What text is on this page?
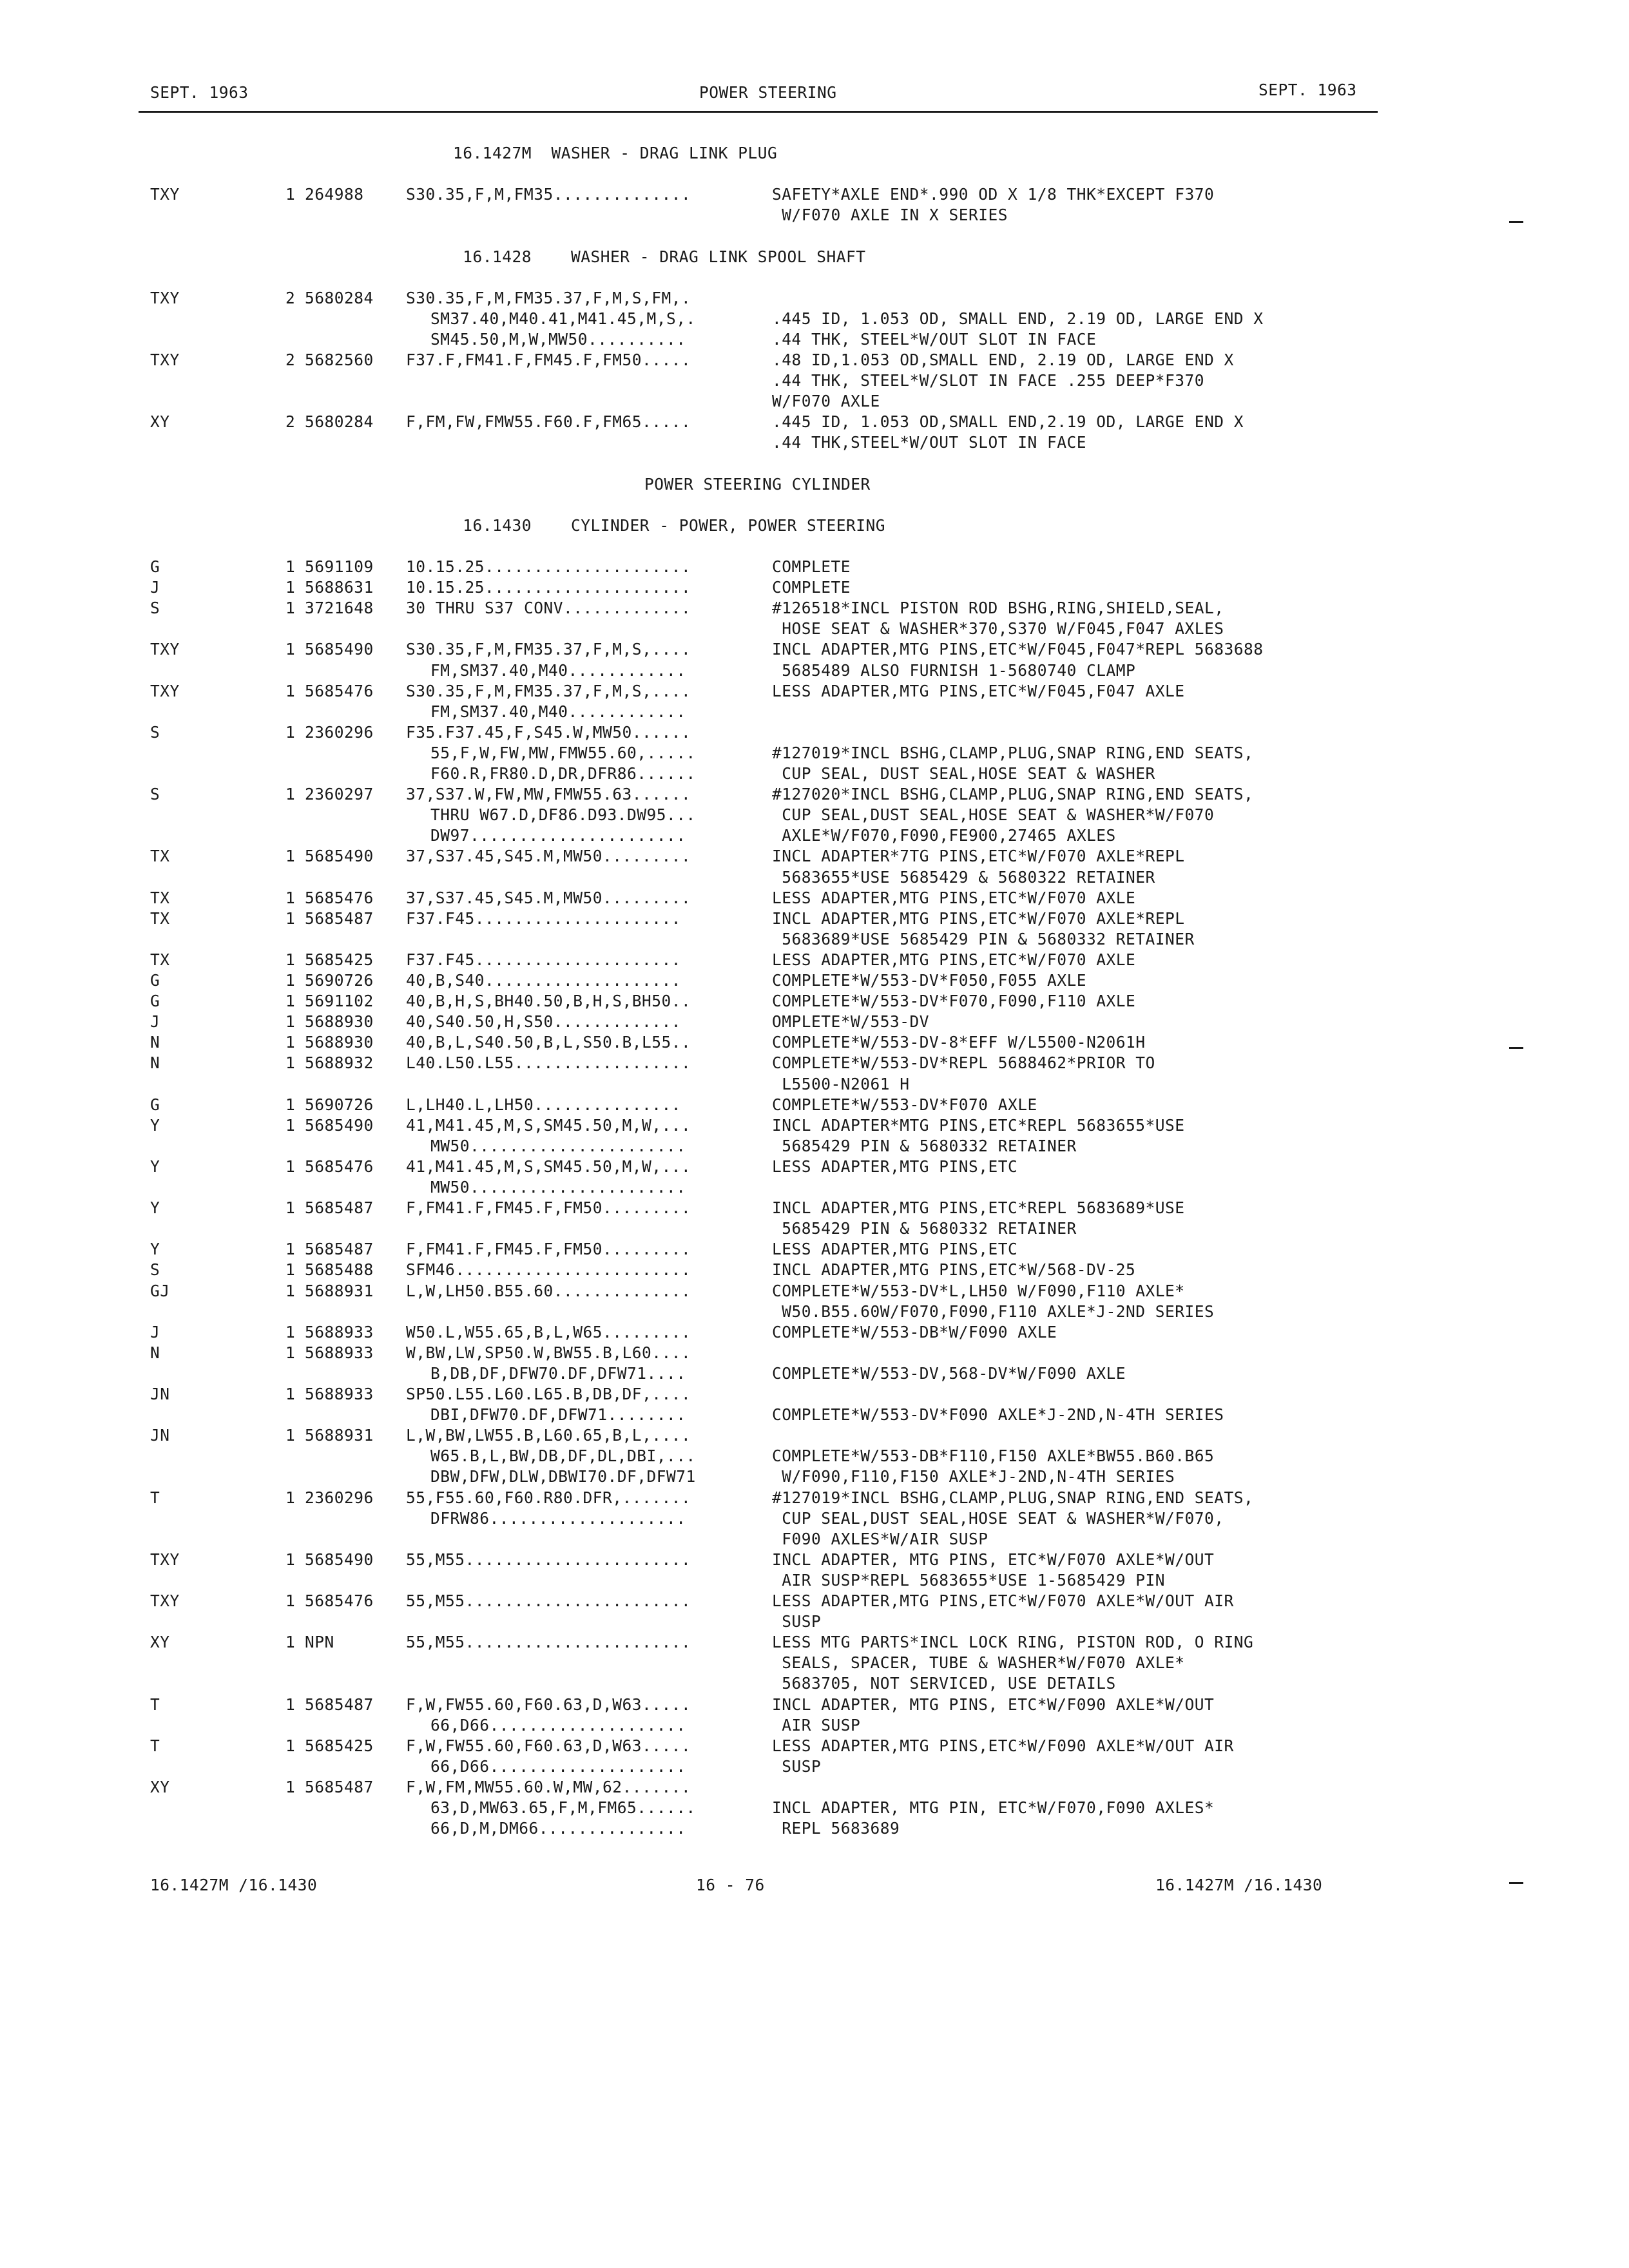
SEPT. 1963	POWER STEERING	SEPT. 1963
16.1427M  WASHER - DRAG LINK PLUG
TXY	1 264988	S30.35,F,M,FM35..............	SAFETY*AXLE END*.990 OD X 1/8 THK*EXCEPT F370
W/F070 AXLE IN X SERIES
16.1428    WASHER - DRAG LINK SPOOL SHAFT
TXY	2 5680284 S30.35,F,M,FM35.37,F,M,S,FM,.
SM37.40,M40.41,M41.45,M,S,.	.445 ID, 1.053 OD, SMALL END, 2.19 OD, LARGE END X
SM45.50,M,W,MW50..........	.44 THK, STEEL*W/OUT SLOT IN FACE
TXY	2 5682560 F37.F,FM41.F,FM45.F,FM50.....	.48 ID,1.053 OD,SMALL END, 2.19 OD, LARGE END X
.44 THK, STEEL*W/SLOT IN FACE .255 DEEP*F370
W/F070 AXLE
XY	2 5680284 F,FM,FW,FMW55.F60.F,FM65.....	.445 ID, 1.053 OD,SMALL END,2.19 OD, LARGE END X
.44 THK,STEEL*W/OUT SLOT IN FACE
POWER STEERING CYLINDER
16.1430    CYLINDER - POWER, POWER STEERING
G	1 5691109 10.15.25.....................	COMPLETE
J	1 5688631 10.15.25.....................	COMPLETE
S	1 3721648 30 THRU S37 CONV.............	#126518*INCL PISTON ROD BSHG,RING,SHIELD,SEAL,
HOSE SEAT & WASHER*370,S370 W/F045,F047 AXLES
TXY	1 5685490 S30.35,F,M,FM35.37,F,M,S,....	INCL ADAPTER,MTG PINS,ETC*W/F045,F047*REPL 5683688
FM,SM37.40,M40............	5685489 ALSO FURNISH 1-5680740 CLAMP
TXY	1 5685476 S30.35,F,M,FM35.37,F,M,S,....	LESS ADAPTER,MTG PINS,ETC*W/F045,F047 AXLE
FM,SM37.40,M40............
S	1 2360296 F35.F37.45,F,S45.W,MW50......
55,F,W,FW,MW,FMW55.60,.....	#127019*INCL BSHG,CLAMP,PLUG,SNAP RING,END SEATS,
F60.R,FR80.D,DR,DFR86......	CUP SEAL, DUST SEAL,HOSE SEAT & WASHER
S	1 2360297 37,S37.W,FW,MW,FMW55.63......	#127020*INCL BSHG,CLAMP,PLUG,SNAP RING,END SEATS,
THRU W67.D,DF86.D93.DW95...	CUP SEAL,DUST SEAL,HOSE SEAT & WASHER*W/F070
DW97......................	AXLE*W/F070,F090,FE900,27465 AXLES
TX	1 5685490 37,S37.45,S45.M,MW50.........	INCL ADAPTER*7TG PINS,ETC*W/F070 AXLE*REPL
5683655*USE 5685429 & 5680322 RETAINER
TX	1 5685476 37,S37.45,S45.M,MW50.........	LESS ADAPTER,MTG PINS,ETC*W/F070 AXLE
TX	1 5685487 F37.F45.....................	INCL ADAPTER,MTG PINS,ETC*W/F070 AXLE*REPL
5683689*USE 5685429 PIN & 5680332 RETAINER
TX	1 5685425 F37.F45.....................	LESS ADAPTER,MTG PINS,ETC*W/F070 AXLE
G	1 5690726 40,B,S40....................	COMPLETE*W/553-DV*F050,F055 AXLE
G	1 5691102 40,B,H,S,BH40.50,B,H,S,BH50..	COMPLETE*W/553-DV*F070,F090,F110 AXLE
J	1 5688930 40,S40.50,H,S50.............	OMPLETE*W/553-DV
N	1 5688930 40,B,L,S40.50,B,L,S50.B,L55..	COMPLETE*W/553-DV-8*EFF W/L5500-N2061H
N	1 5688932 L40.L50.L55..................	COMPLETE*W/553-DV*REPL 5688462*PRIOR TO
L5500-N2061 H
G	1 5690726 L,LH40.L,LH50...............	COMPLETE*W/553-DV*F070 AXLE
Y	1 5685490 41,M41.45,M,S,SM45.50,M,W,...	INCL ADAPTER*MTG PINS,ETC*REPL 5683655*USE
MW50......................	5685429 PIN & 5680332 RETAINER
Y	1 5685476 41,M41.45,M,S,SM45.50,M,W,...	LESS ADAPTER,MTG PINS,ETC
MW50......................
Y	1 5685487 F,FM41.F,FM45.F,FM50.........	INCL ADAPTER,MTG PINS,ETC*REPL 5683689*USE
5685429 PIN & 5680332 RETAINER
Y	1 5685487 F,FM41.F,FM45.F,FM50.........	LESS ADAPTER,MTG PINS,ETC
S	1 5685488 SFM46........................	INCL ADAPTER,MTG PINS,ETC*W/568-DV-25
GJ	1 5688931 L,W,LH50.B55.60..............	COMPLETE*W/553-DV*L,LH50 W/F090,F110 AXLE*
W50.B55.60W/F070,F090,F110 AXLE*J-2ND SERIES
J	1 5688933 W50.L,W55.65,B,L,W65.........	COMPLETE*W/553-DB*W/F090 AXLE
N	1 5688933 W,BW,LW,SP50.W,BW55.B,L60....
B,DB,DF,DFW70.DF,DFW71....	COMPLETE*W/553-DV,568-DV*W/F090 AXLE
JN	1 5688933 SP50.L55.L60.L65.B,DB,DF,....
DBI,DFW70.DF,DFW71........	COMPLETE*W/553-DV*F090 AXLE*J-2ND,N-4TH SERIES
JN	1 5688931 L,W,BW,LW55.B,L60.65,B,L,....
W65.B,L,BW,DB,DF,DL,DBI,...	COMPLETE*W/553-DB*F110,F150 AXLE*BW55.B60.B65
DBW,DFW,DLW,DBWI70.DF,DFW71	W/F090,F110,F150 AXLE*J-2ND,N-4TH SERIES
T	1 2360296 55,F55.60,F60.R80.DFR,.......	#127019*INCL BSHG,CLAMP,PLUG,SNAP RING,END SEATS,
DFRW86....................	CUP SEAL,DUST SEAL,HOSE SEAT & WASHER*W/F070,
F090 AXLES*W/AIR SUSP
TXY	1 5685490 55,M55.......................	INCL ADAPTER, MTG PINS, ETC*W/F070 AXLE*W/OUT
AIR SUSP*REPL 5683655*USE 1-5685429 PIN
TXY	1 5685476 55,M55.......................	LESS ADAPTER,MTG PINS,ETC*W/F070 AXLE*W/OUT AIR
SUSP
XY	1 NPN	55,M55.......................	LESS MTG PARTS*INCL LOCK RING, PISTON ROD, O RING
SEALS, SPACER, TUBE & WASHER*W/F070 AXLE*
5683705, NOT SERVICED, USE DETAILS
T	1 5685487 F,W,FW55.60,F60.63,D,W63.....	INCL ADAPTER, MTG PINS, ETC*W/F090 AXLE*W/OUT
66,D66....................	AIR SUSP
T	1 5685425 F,W,FW55.60,F60.63,D,W63.....	LESS ADAPTER,MTG PINS,ETC*W/F090 AXLE*W/OUT AIR
66,D66....................	SUSP
XY	1 5685487 F,W,FM,MW55.60.W,MW,62.......
63,D,MW63.65,F,M,FM65......	INCL ADAPTER, MTG PIN, ETC*W/F070,F090 AXLES*
66,D,M,DM66...............	REPL 5683689
16.1427M /16.1430	16 - 76	16.1427M /16.1430
